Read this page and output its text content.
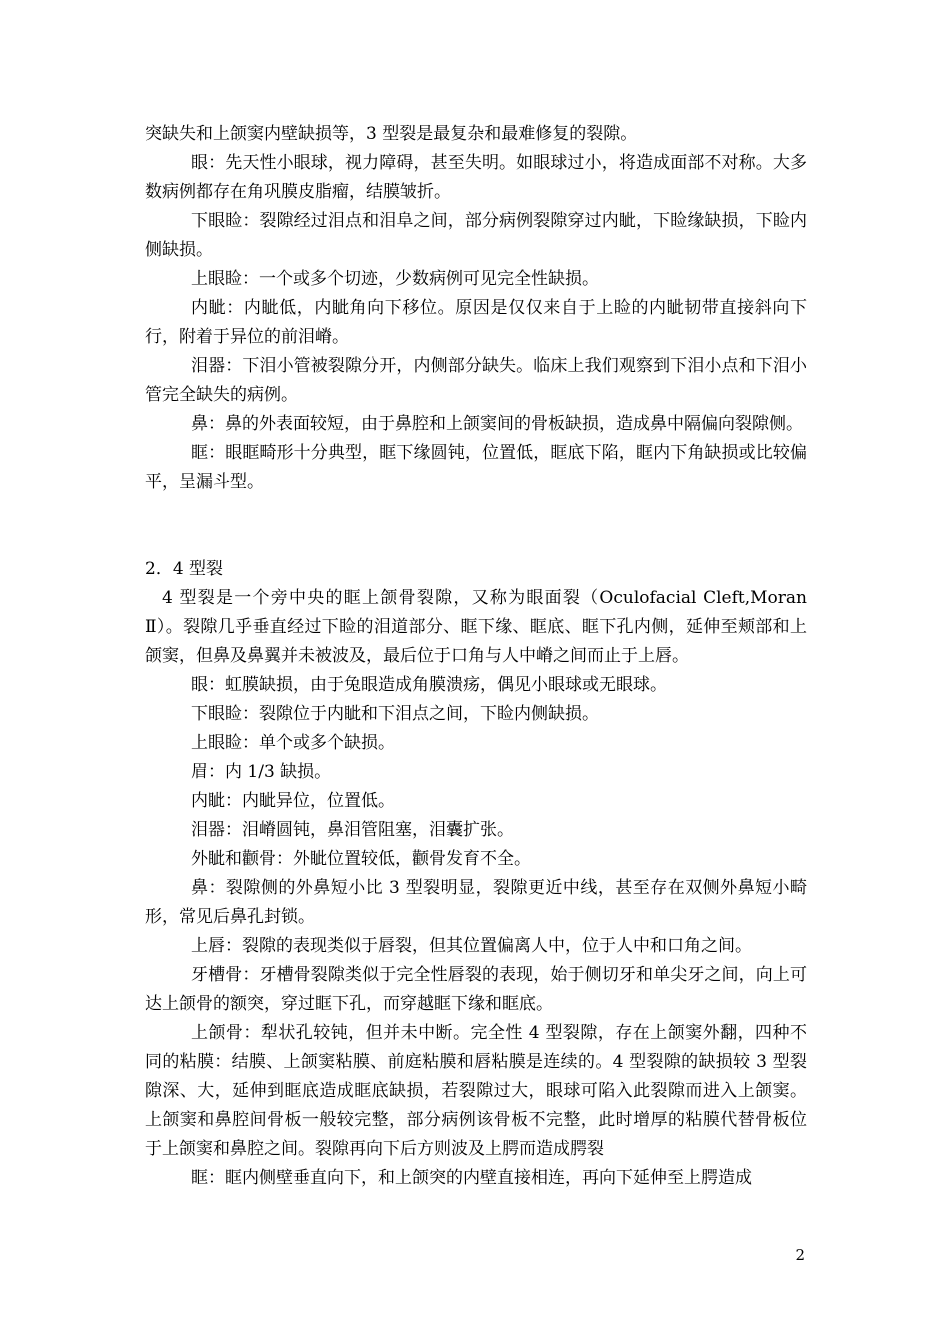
突缺失和上颌窦内壁缺损等，3 型裂是最复杂和最难修复的裂隙。

眼：先天性小眼球，视力障碍，甚至失明。如眼球过小，将造成面部不对称。大多数病例都存在角巩膜皮脂瘤，结膜皱折。

下眼睑：裂隙经过泪点和泪阜之间，部分病例裂隙穿过内眦，下睑缘缺损，下睑内侧缺损。

上眼睑：一个或多个切迹，少数病例可见完全性缺损。

内眦：内眦低，内眦角向下移位。原因是仅仅来自于上睑的内眦韧带直接斜向下行，附着于异位的前泪嵴。

泪器：下泪小管被裂隙分开，内侧部分缺失。临床上我们观察到下泪小点和下泪小管完全缺失的病例。

鼻：鼻的外表面较短，由于鼻腔和上颌窦间的骨板缺损，造成鼻中隔偏向裂隙侧。

眶：眼眶畸形十分典型，眶下缘圆钝，位置低，眶底下陷，眶内下角缺损或比较偏平，呈漏斗型。

2．4 型裂

4 型裂是一个旁中央的眶上颌骨裂隙，又称为眼面裂（Oculofacial Cleft,Moran Ⅱ）。裂隙几乎垂直经过下睑的泪道部分、眶下缘、眶底、眶下孔内侧，延伸至颊部和上颌窦，但鼻及鼻翼并未被波及，最后位于口角与人中嵴之间而止于上唇。

眼：虹膜缺损，由于兔眼造成角膜溃疡，偶见小眼球或无眼球。

下眼睑：裂隙位于内眦和下泪点之间，下睑内侧缺损。

上眼睑：单个或多个缺损。

眉：内 1/3 缺损。

内眦：内眦异位，位置低。

泪器：泪嵴圆钝，鼻泪管阻塞，泪囊扩张。

外眦和颧骨：外眦位置较低，颧骨发育不全。

鼻：裂隙侧的外鼻短小比 3 型裂明显，裂隙更近中线，甚至存在双侧外鼻短小畸形，常见后鼻孔封锁。

上唇：裂隙的表现类似于唇裂，但其位置偏离人中，位于人中和口角之间。

牙槽骨：牙槽骨裂隙类似于完全性唇裂的表现，始于侧切牙和单尖牙之间，向上可达上颌骨的额突，穿过眶下孔，而穿越眶下缘和眶底。

上颌骨：犁状孔较钝，但并未中断。完全性 4 型裂隙，存在上颌窦外翻，四种不同的粘膜：结膜、上颌窦粘膜、前庭粘膜和唇粘膜是连续的。4 型裂隙的缺损较 3 型裂隙深、大，延伸到眶底造成眶底缺损，若裂隙过大，眼球可陷入此裂隙而进入上颌窦。上颌窦和鼻腔间骨板一般较完整，部分病例该骨板不完整，此时增厚的粘膜代替骨板位于上颌窦和鼻腔之间。裂隙再向下后方则波及上腭而造成腭裂

眶：眶内侧壁垂直向下，和上颌突的内壁直接相连，再向下延伸至上腭造成

2
